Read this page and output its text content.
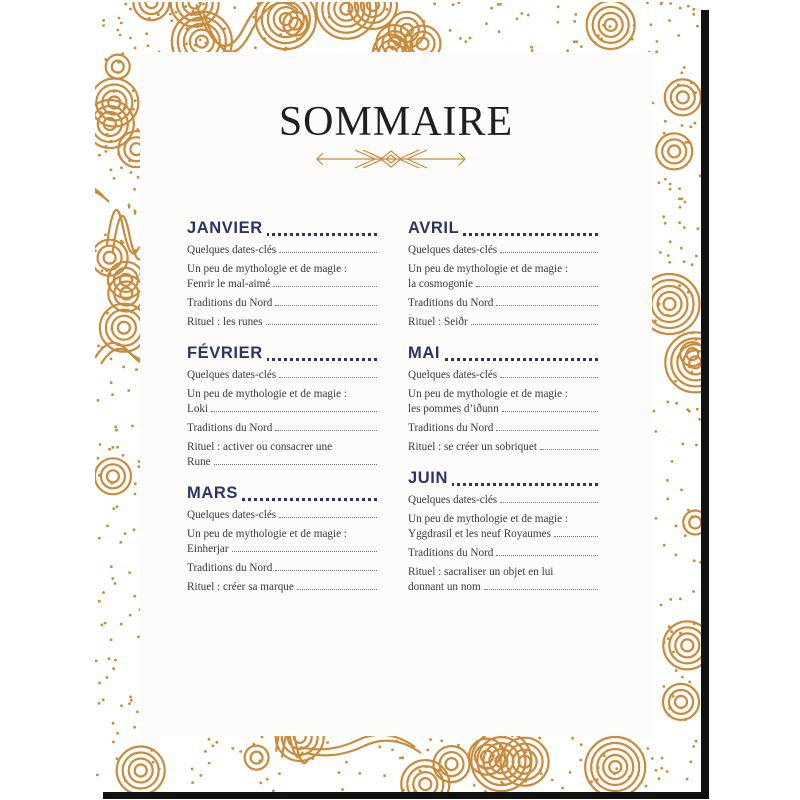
SOMMAIRE
JANVIER
Quelques dates-clés
Un peu de mythologie et de magie :
Fenrir le mal-aimé
Traditions du Nord
Rituel : les runes
FÉVRIER
Quelques dates-clés
Un peu de mythologie et de magie :
Loki
Traditions du Nord
Rituel : activer ou consacrer une
Rune
MARS
Quelques dates-clés
Un peu de mythologie et de magie :
Einherjar
Traditions du Nord
Rituel : créer sa marque
AVRIL
Quelques dates-clés
Un peu de mythologie et de magie :
la cosmogonie
Traditions du Nord
Rituel : Seiðr
MAI
Quelques dates-clés
Un peu de mythologie et de magie :
les pommes d’iðunn
Traditions du Nord
Rituel : se créer un sobriquet
JUIN
Quelques dates-clés
Un peu de mythologie et de magie :
Yggdrasil et les neuf Royaumes
Traditions du Nord
Rituel : sacraliser un objet en lui
donnant un nom
